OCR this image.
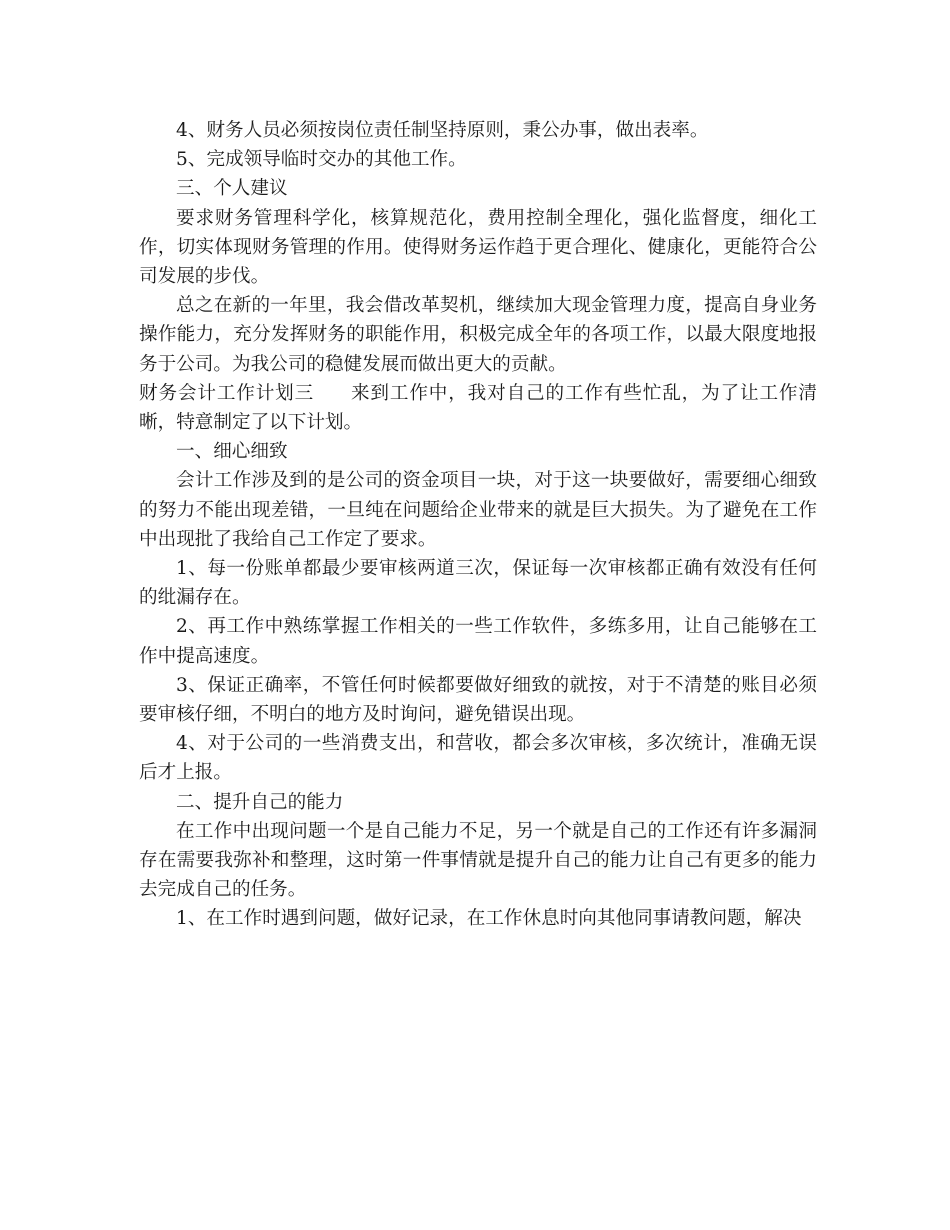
4、财务人员必须按岗位责任制坚持原则，秉公办事，做出表率。

5、完成领导临时交办的其他工作。

三、个人建议

要求财务管理科学化，核算规范化，费用控制全理化，强化监督度，细化工作，切实体现财务管理的作用。使得财务运作趋于更合理化、健康化，更能符合公司发展的步伐。

总之在新的一年里，我会借改革契机，继续加大现金管理力度，提高自身业务操作能力，充分发挥财务的职能作用，积极完成全年的各项工作，以最大限度地报务于公司。为我公司的稳健发展而做出更大的贡献。

财务会计工作计划三 来到工作中，我对自己的工作有些忙乱，为了让工作清晰，特意制定了以下计划。

一、细心细致

会计工作涉及到的是公司的资金项目一块，对于这一块要做好，需要细心细致的努力不能出现差错，一旦纯在问题给企业带来的就是巨大损失。为了避免在工作中出现批了我给自己工作定了要求。

1、每一份账单都最少要审核两道三次，保证每一次审核都正确有效没有任何的纰漏存在。

2、再工作中熟练掌握工作相关的一些工作软件，多练多用，让自己能够在工作中提高速度。

3、保证正确率，不管任何时候都要做好细致的就按，对于不清楚的账目必须要审核仔细，不明白的地方及时询问，避免错误出现。

4、对于公司的一些消费支出，和营收，都会多次审核，多次统计，准确无误后才上报。

二、提升自己的能力

在工作中出现问题一个是自己能力不足，另一个就是自己的工作还有许多漏洞存在需要我弥补和整理，这时第一件事情就是提升自己的能力让自己有更多的能力去完成自己的任务。

1、在工作时遇到问题，做好记录，在工作休息时向其他同事请教问题，解决
